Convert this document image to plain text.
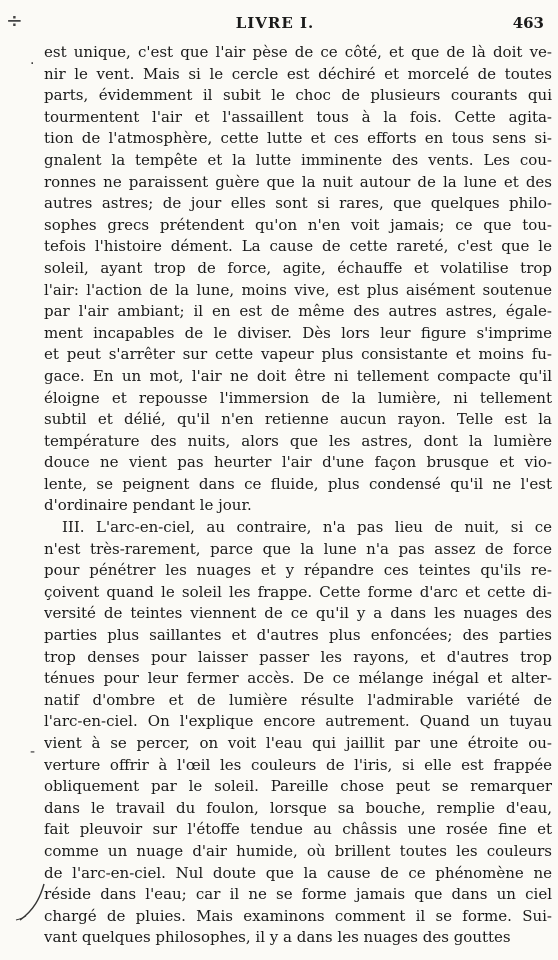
LIVRE I.	463
÷
est unique, c'est que l'air pèse de ce côté, et que de là doit ve-
nir le vent. Mais si le cercle est déchiré et morcelé de toutes
parts, évidemment il subit le choc de plusieurs courants qui
tourmentent l'air et l'assaillent tous à la fois. Cette agita-
tion de l'atmosphère, cette lutte et ces efforts en tous sens si-
gnalent la tempête et la lutte imminente des vents. Les cou-
ronnes ne paraissent guère que la nuit autour de la lune et des
autres astres; de jour elles sont si rares, que quelques philo-
sophes grecs prétendent qu'on n'en voit jamais; ce que tou-
tefois l'histoire dément. La cause de cette rareté, c'est que le
soleil, ayant trop de force, agite, échauffe et volatilise trop
l'air: l'action de la lune, moins vive, est plus aisément soutenue
par l'air ambiant; il en est de même des autres astres, égale-
ment incapables de le diviser. Dès lors leur figure s'imprime
et peut s'arrêter sur cette vapeur plus consistante et moins fu-
gace. En un mot, l'air ne doit être ni tellement compacte qu'il
éloigne et repousse l'immersion de la lumière, ni tellement
subtil et délié, qu'il n'en retienne aucun rayon. Telle est la
température des nuits, alors que les astres, dont la lumière
douce ne vient pas heurter l'air d'une façon brusque et vio-
lente, se peignent dans ce fluide, plus condensé qu'il ne l'est
d'ordinaire pendant le jour.
III. L'arc-en-ciel, au contraire, n'a pas lieu de nuit, si ce
n'est très-rarement, parce que la lune n'a pas assez de force
pour pénétrer les nuages et y répandre ces teintes qu'ils re-
çoivent quand le soleil les frappe. Cette forme d'arc et cette di-
versité de teintes viennent de ce qu'il y a dans les nuages des
parties plus saillantes et d'autres plus enfoncées; des parties
trop denses pour laisser passer les rayons, et d'autres trop
ténues pour leur fermer accès. De ce mélange inégal et alter-
natif d'ombre et de lumière résulte l'admirable variété de
l'arc-en-ciel. On l'explique encore autrement. Quand un tuyau
vient à se percer, on voit l'eau qui jaillit par une étroite ou-
verture offrir à l'œil les couleurs de l'iris, si elle est frappée
obliquement par le soleil. Pareille chose peut se remarquer
dans le travail du foulon, lorsque sa bouche, remplie d'eau,
fait pleuvoir sur l'étoffe tendue au châssis une rosée fine et
comme un nuage d'air humide, où brillent toutes les couleurs
de l'arc-en-ciel. Nul doute que la cause de ce phénomène ne
réside dans l'eau; car il ne se forme jamais que dans un ciel
chargé de pluies. Mais examinons comment il se forme. Sui-
vant quelques philosophes, il y a dans les nuages des gouttes
·
-
